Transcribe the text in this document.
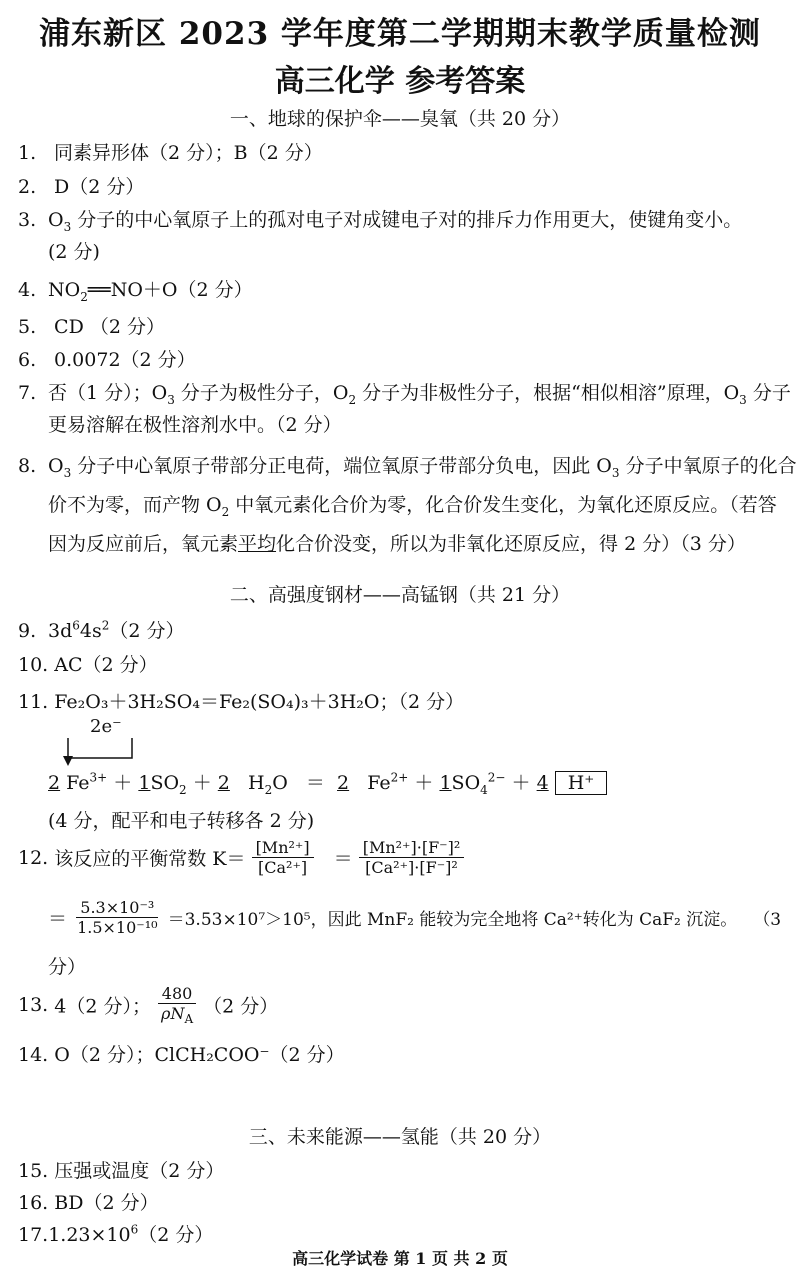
浦东新区 2023 学年度第二学期期末教学质量检测
高三化学 参考答案
一、地球的保护伞——臭氧（共 20 分）
1. 同素异形体（2 分）；B（2 分）
2. D（2 分）
3. $O_3$ 分子的中心氧原子上的孤对电子对成键电子对的排斥力作用更大，使键角变小。
(2 分)
4. $NO_2══NO+O(2$ 分）
5. CD （2 分）
6. 0.0072（2 分）
7. 否（1 分）；$O_3$ 分子为极性分子，$O_2$ 分子为非极性分子，根据“相似相溶”原理，$O_3$ 分子
更易溶解在极性溶剂水中。（2 分）
8. $O_3$ 分子中心氧原子带部分正电荷，端位氧原子带部分负电，因此 $O_3$ 分子中氧原子的化合
价不为零，而产物 $O_2$ 中氧元素化合价为零，化合价发生变化，为氧化还原反应。（若答
因为反应前后，氧元素平均化合价没变，所以为非氧化还原反应，得 2 分）（3 分）
二、高强度钢材——高锰钢（共 21 分）
9. $3d^64s^2(2$ 分）
10. AC（2 分）
11. Fe₂O₃＋3H₂SO₄＝Fe₂(SO₄)₃＋3H₂O；（2 分）
2e⁻
2 $Fe^{3+} + 1SO_2 + 2$ $H_2O = 2$ $Fe^{2+} + 1SO_4^{2-} + 4$ H⁺
(4 分，配平和电子转移各 2 分)
12. 该反应的平衡常数 $K= \frac{\text{[Mn²⁺]}}{\text{[Ca²⁺]}} = \frac{\text{[Mn²⁺]·[F⁻]²}}{\text{[Ca²⁺]·[F⁻]²}}$
＝ $\frac{\text{5.3×10⁻³}}{\text{1.5×10⁻¹⁰}} =3.53\times 10^7>10^5$，因此 MnF₂ 能较为完全地将 Ca²⁺转化为 CaF₂ 沉淀。 （3
分）
13. 4（2 分）； $\frac{480}{\rho N_A} (2$ 分）
14. O（2 分）；ClCH₂COO⁻（2 分）
三、未来能源——氢能（共 20 分）
15. 压强或温度（2 分）
16. BD（2 分）
$17.1.23\times 10^6(2$ 分）
高三化学试卷 第 1 页 共 2 页
